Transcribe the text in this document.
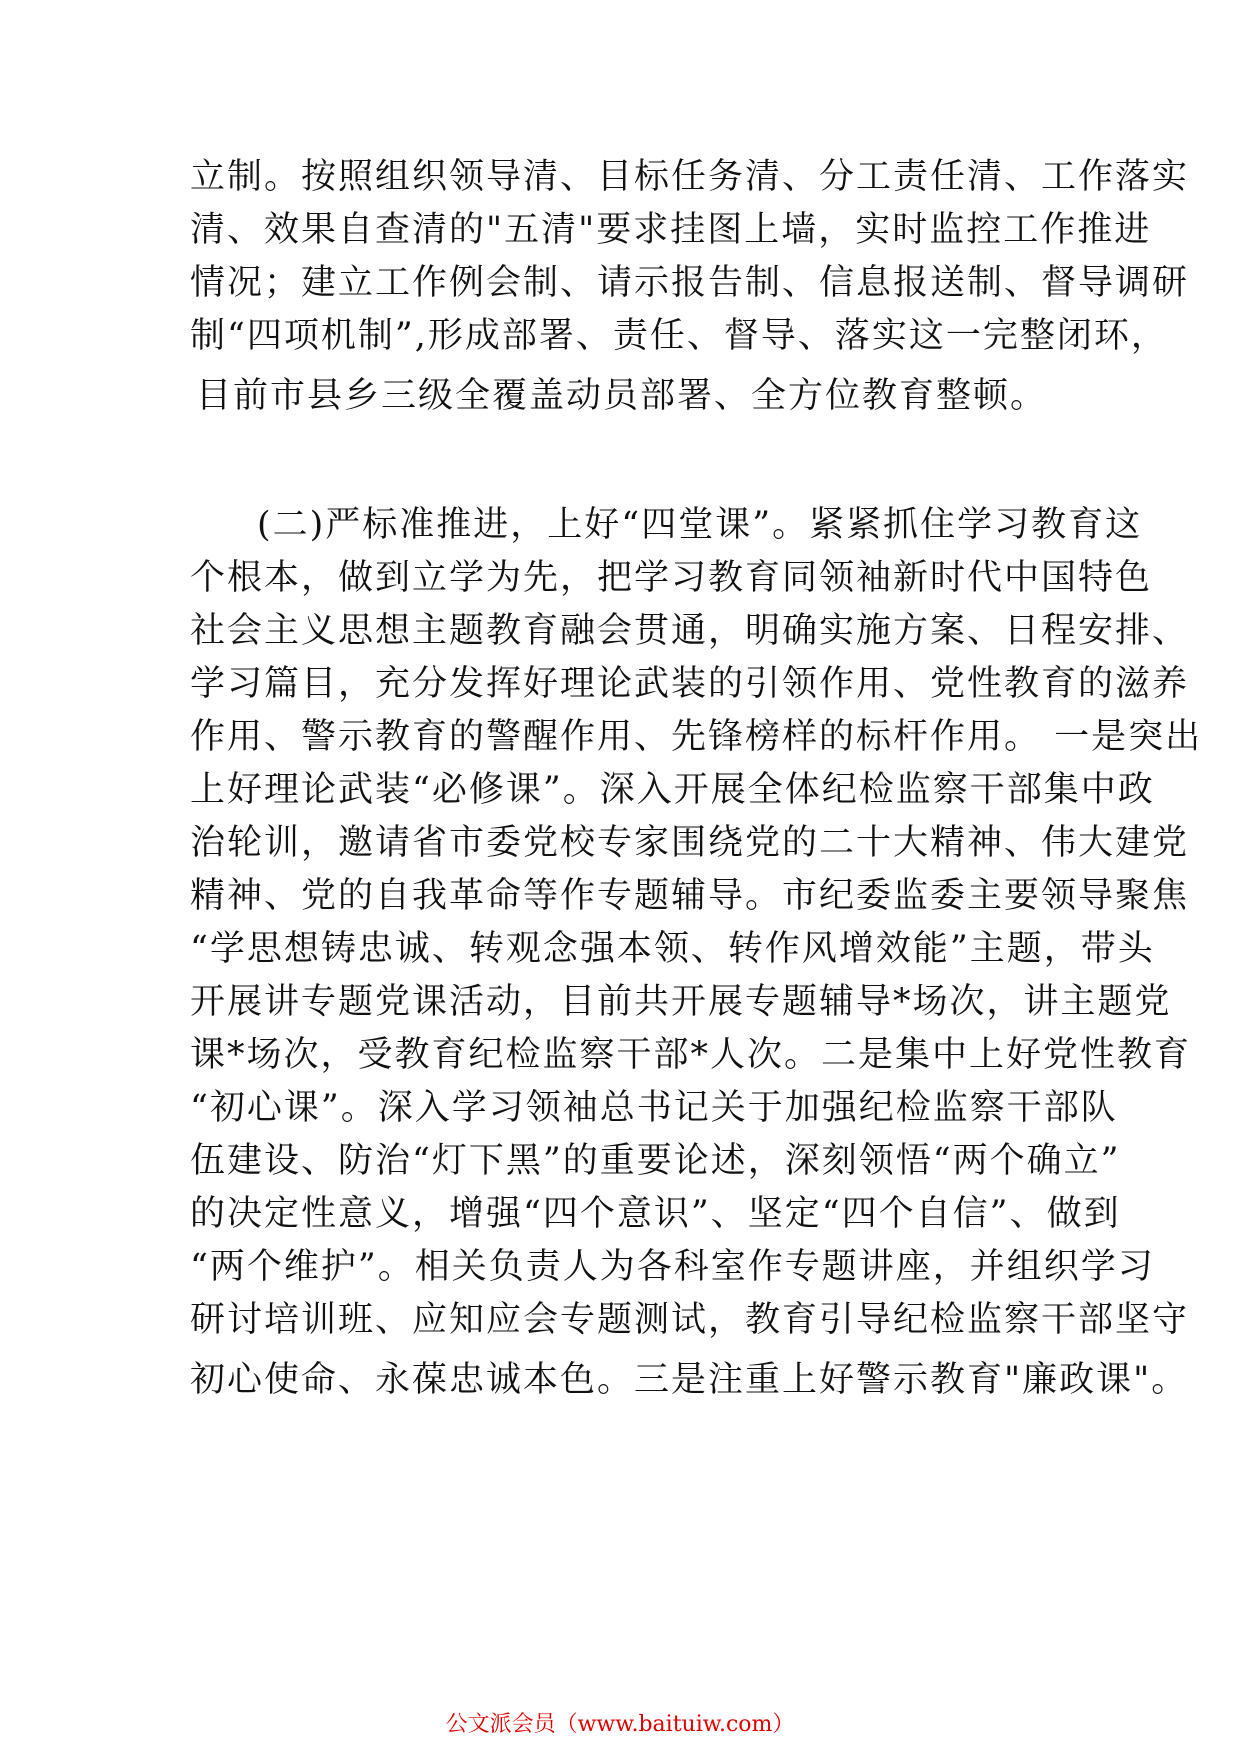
立制。按照组织领导清、目标任务清、分工责任清、工作落实

清、效果自查清的"五清"要求挂图上墙，实时监控工作推进

情况；建立工作例会制、请示报告制、信息报送制、督导调研

制“四项机制”,形成部署、责任、督导、落实这一完整闭环，

目前市县乡三级全覆盖动员部署、全方位教育整顿。

(二)严标准推进，上好“四堂课”。紧紧抓住学习教育这

个根本，做到立学为先，把学习教育同领袖新时代中国特色

社会主义思想主题教育融会贯通，明确实施方案、日程安排、

学习篇目，充分发挥好理论武装的引领作用、党性教育的滋养

作用、警示教育的警醒作用、先锋榜样的标杆作用。 一是突出

上好理论武装“必修课”。深入开展全体纪检监察干部集中政

治轮训，邀请省市委党校专家围绕党的二十大精神、伟大建党

精神、党的自我革命等作专题辅导。市纪委监委主要领导聚焦

“学思想铸忠诚、转观念强本领、转作风增效能”主题，带头

开展讲专题党课活动，目前共开展专题辅导*场次，讲主题党

课*场次，受教育纪检监察干部*人次。二是集中上好党性教育

“初心课”。深入学习领袖总书记关于加强纪检监察干部队

伍建设、防治“灯下黑”的重要论述，深刻领悟“两个确立”

的决定性意义，增强“四个意识”、坚定“四个自信”、做到

“两个维护”。相关负责人为各科室作专题讲座，并组织学习

研讨培训班、应知应会专题测试，教育引导纪检监察干部坚守

初心使命、永葆忠诚本色。三是注重上好警示教育"廉政课"。

公文派会员（www.baituiw.com）
